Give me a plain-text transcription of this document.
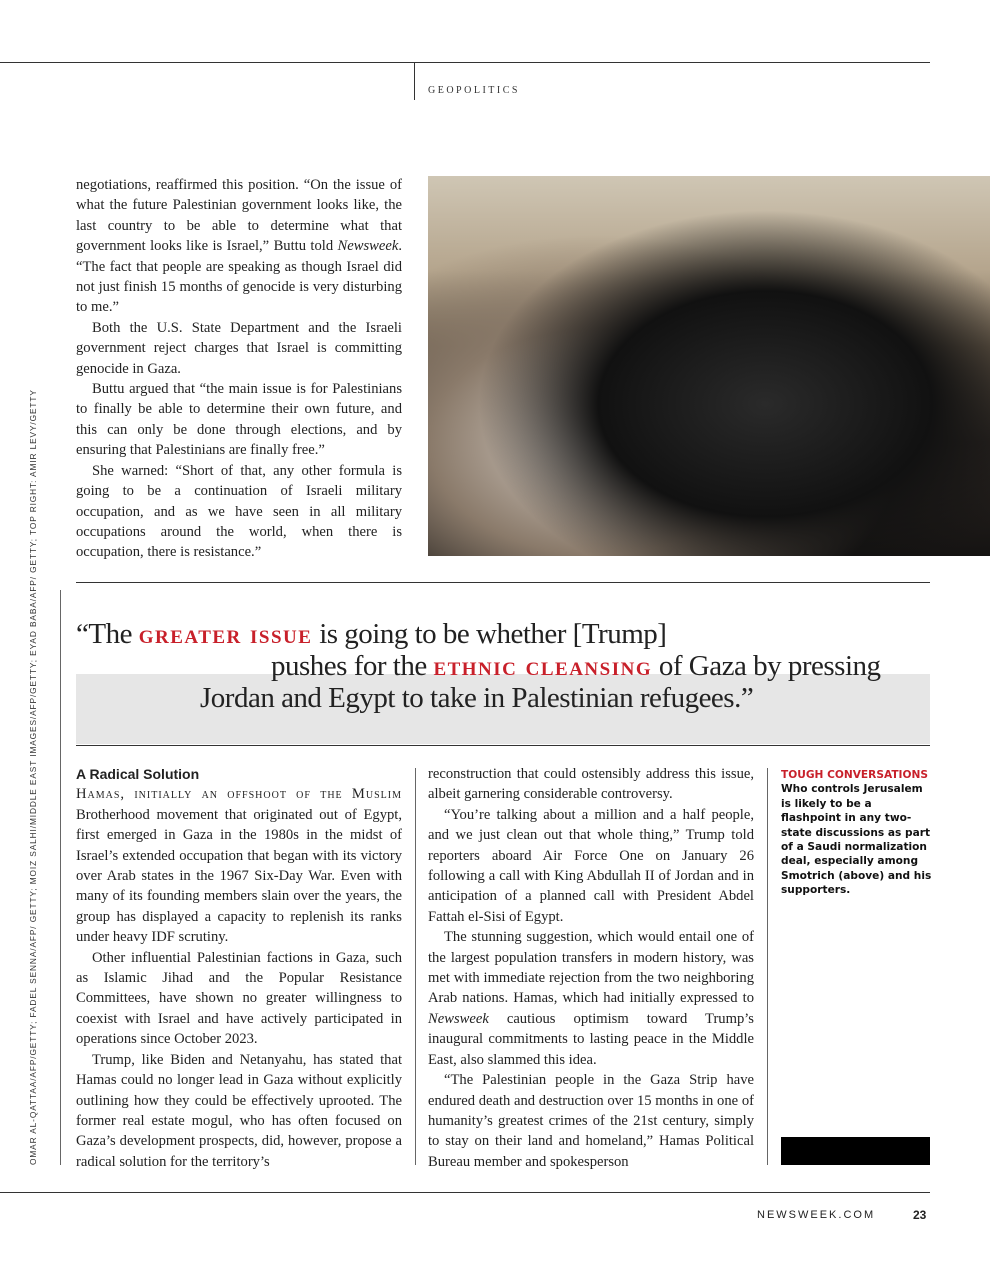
GEOPOLITICS
OMAR AL-QATTAA/AFP/GETTY; FADEL SENNA/AFP/ GETTY; MOIZ SALHI/MIDDLE EAST IMAGES/AFP/GETTY; EYAD BABA/AFP/ GETTY; TOP RIGHT: AMIR LEVY/GETTY

negotiations, reaffirmed this position. “On the issue of what the future Palestinian government looks like, the last country to be able to determine what that government looks like is Israel,” Buttu told Newsweek. “The fact that people are speaking as though Israel did not just finish 15 months of genocide is very disturbing to me.”

Both the U.S. State Department and the Israeli government reject charges that Israel is committing genocide in Gaza.

Buttu argued that “the main issue is for Palestinians to finally be able to determine their own future, and this can only be done through elections, and by ensuring that Palestinians are finally free.”

She warned: “Short of that, any other formula is going to be a continuation of Israeli military occupation, and as we have seen in all military occupations around the world, when there is occupation, there is resistance.”

“The greater issue is going to be whether [Trump]
pushes for the ethnic cleansing of Gaza by pressing
Jordan and Egypt to take in Palestinian refugees.”
A Radical Solution

Hamas, initially an offshoot of the Muslim Brotherhood movement that originated out of Egypt, first emerged in Gaza in the 1980s in the midst of Israel’s extended occupation that began with its victory over Arab states in the 1967 Six-Day War. Even with many of its founding members slain over the years, the group has displayed a capacity to replenish its ranks under heavy IDF scrutiny.

Other influential Palestinian factions in Gaza, such as Islamic Jihad and the Popular Resistance Committees, have shown no greater willingness to coexist with Israel and have actively participated in operations since October 2023.

Trump, like Biden and Netanyahu, has stated that Hamas could no longer lead in Gaza without explicitly outlining how they could be effectively uprooted. The former real estate mogul, who has often focused on Gaza’s development prospects, did, however, propose a radical solution for the territory’s

reconstruction that could ostensibly address this issue, albeit garnering considerable controversy.

“You’re talking about a million and a half people, and we just clean out that whole thing,” Trump told reporters aboard Air Force One on January 26 following a call with King Abdullah II of Jordan and in anticipation of a planned call with President Abdel Fattah el-Sisi of Egypt.

The stunning suggestion, which would entail one of the largest population transfers in modern history, was met with immediate rejection from the two neighboring Arab nations. Hamas, which had initially expressed to Newsweek cautious optimism toward Trump’s inaugural commitments to lasting peace in the Middle East, also slammed this idea.

“The Palestinian people in the Gaza Strip have endured death and destruction over 15 months in one of humanity’s greatest crimes of the 21st century, simply to stay on their land and homeland,” Hamas Political Bureau member and spokesperson

TOUGH CONVERSATIONS
Who controls Jerusalem is likely to be a flashpoint in any two-state discussions as part of a Saudi normalization deal, especially among Smotrich (above) and his supporters.
NEWSWEEK.COM	23
